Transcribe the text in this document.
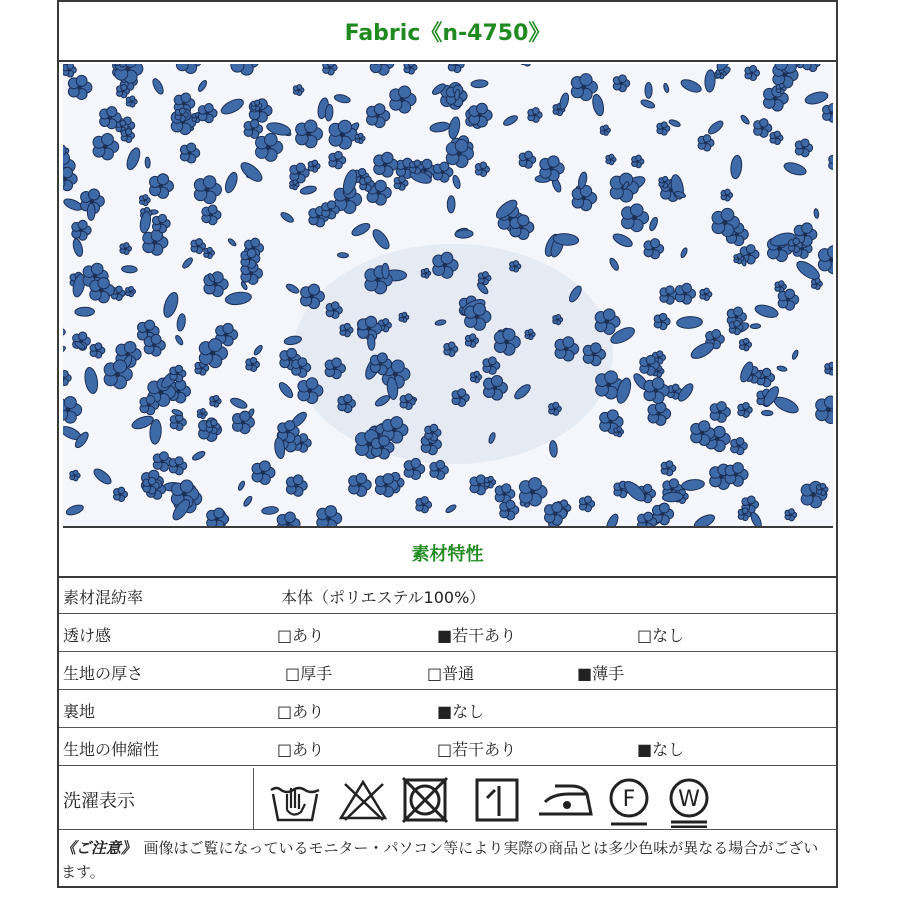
Fabric《n-4750》
素材特性
素材混紡率	本体（ポリエステル100%）
透け感	□あり	■若干あり	□なし
生地の厚さ	□厚手	□普通	■薄手
裏地	□あり	■なし
生地の伸縮性	□あり	□若干あり	■なし
洗濯表示	F W
《ご注意》　画像はご覧になっているモニター・パソコン等により実際の商品とは多少色味が異なる場合がございます。
